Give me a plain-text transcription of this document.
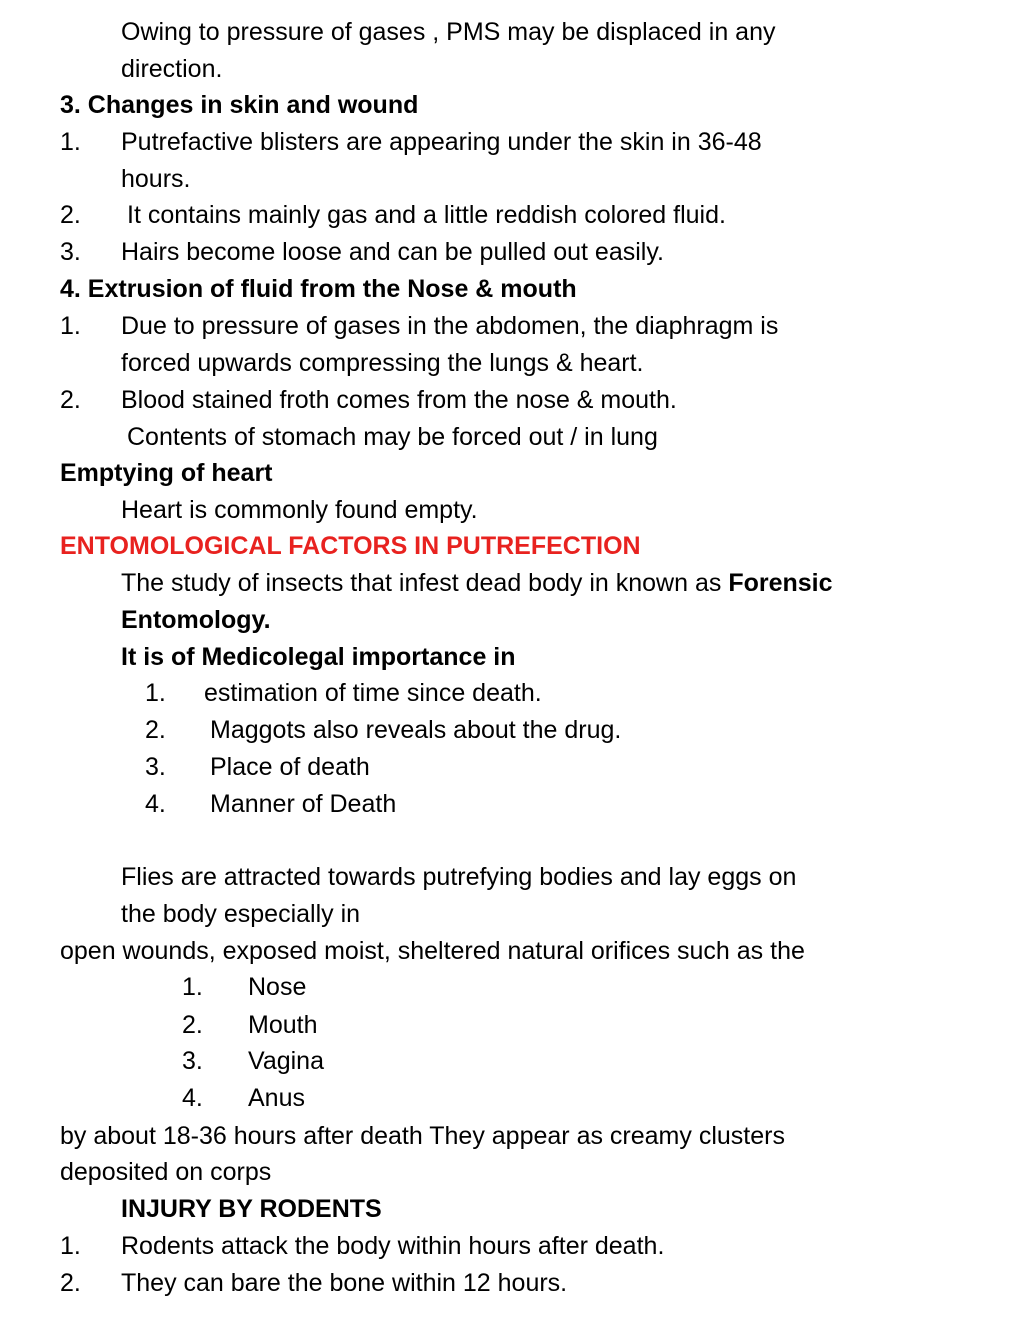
Owing to pressure of gases , PMS may be displaced in any
direction.
3. Changes in skin and wound
1. Putrefactive blisters are appearing under the skin in 36-48
hours.
2. It contains mainly gas and a little reddish colored fluid.
3. Hairs become loose and can be pulled out easily.
4. Extrusion of fluid from the Nose & mouth
1. Due to pressure of gases in the abdomen, the diaphragm is
forced upwards compressing the lungs & heart.
2. Blood stained froth comes from the nose & mouth.
Contents of stomach may be forced out / in lung
Emptying of heart
Heart is commonly found empty.
ENTOMOLOGICAL FACTORS IN PUTREFECTION
The study of insects that infest dead body in known as Forensic
Entomology.
It is of Medicolegal importance in
1. estimation of time since death.
2. Maggots also reveals about the drug.
3. Place of death
4. Manner of Death
Flies are attracted towards putrefying bodies and lay eggs on
the body especially in
open wounds, exposed moist, sheltered natural orifices such as the
1. Nose
2. Mouth
3. Vagina
4. Anus
by about 18-36 hours after death They appear as creamy clusters
deposited on corps
INJURY BY RODENTS
1. Rodents attack the body within hours after death.
2. They can bare the bone within 12 hours.
